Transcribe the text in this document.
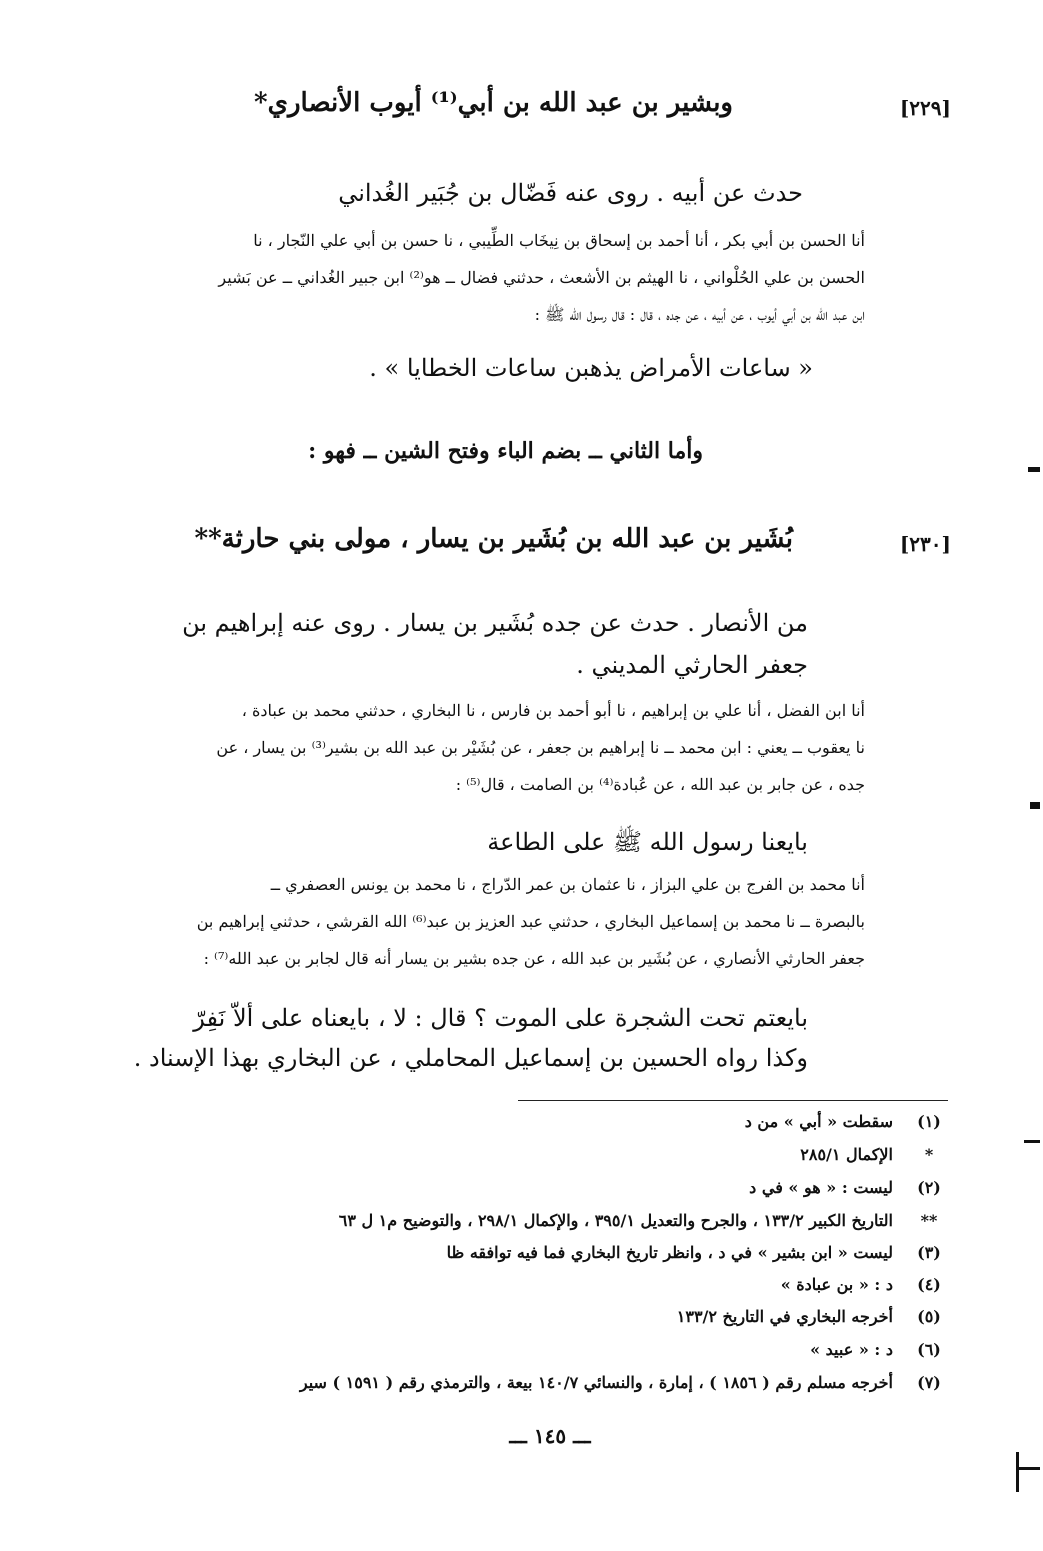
[٢٢٩]
وبشير بن عبد الله بن أبي⁽¹⁾ أيوب الأنصاري*
حدث عن أبيه . روى عنه فَضّال بن جُبَير الغُداني
أنا الحسن بن أبي بكر ، أنا أحمد بن إسحاق بن نِيخَاب الطِّيبي ، نا حسن بن أبي علي النّجار ، نا
الحسن بن علي الحُلْواني ، نا الهيثم بن الأشعث ، حدثني فضال ــ هو⁽²⁾ ابن جبير الغُداني ــ عن بَشير
ابن عبد الله بن أبي أيوب ، عن أبيه ، عن جده ، قال : قال رسول الله ﷺ :
« ساعات الأمراض يذهبن ساعات الخطايا » .
وأما الثاني ــ بضم الباء وفتح الشين ــ فهو :
[٢٣٠]
بُشَير بن عبد الله بن بُشَير بن يسار ، مولى بني حارثة**
من الأنصار . حدث عن جده بُشَير بن يسار . روى عنه إبراهيم بن
جعفر الحارثي المديني .
أنا ابن الفضل ، أنا علي بن إبراهيم ، نا أبو أحمد بن فارس ، نا البخاري ، حدثني محمد بن عبادة ،
نا يعقوب ــ يعني : ابن محمد ــ نا إبراهيم بن جعفر ، عن بُشَيْر بن عبد الله بن بشير⁽³⁾ بن يسار ، عن
جده ، عن جابر بن عبد الله ، عن عُبادة⁽⁴⁾ بن الصامت ، قال⁽⁵⁾ :
بايعنا رسول الله ﷺ على الطاعة
أنا محمد بن الفرج بن علي البزاز ، نا عثمان بن عمر الدّراج ، نا محمد بن يونس العصفري ــ
بالبصرة ــ نا محمد بن إسماعيل البخاري ، حدثني عبد العزيز بن عبد⁽⁶⁾ الله القرشي ، حدثني إبراهيم بن
جعفر الحارثي الأنصاري ، عن بُشَير بن عبد الله ، عن جده بشير بن يسار أنه قال لجابر بن عبد الله⁽⁷⁾ :
بايعتم تحت الشجرة على الموت ؟ قال : لا ، بايعناه على ألاّ نَفِرّ
وكذا رواه الحسين بن إسماعيل المحاملي ، عن البخاري بهذا الإسناد .
(١)
سقطت « أبي » من د
*
الإكمال ٢٨٥/١
(٢)
ليست : « هو » في د
**
التاريخ الكبير ١٣٣/٢ ، والجرح والتعديل ٣٩٥/١ ، والإكمال ٢٩٨/١ ، والتوضيح م١ ل ٦٣
(٣)
ليست « ابن بشير » في د ، وانظر تاريخ البخاري فما فيه توافقه ظا
(٤)
د : « بن عبادة »
(٥)
أخرجه البخاري في التاريخ ١٣٣/٢
(٦)
د : « عبيد »
(٧)
أخرجه مسلم رقم ( ١٨٥٦ ) ، إمارة ، والنسائي ١٤٠/٧ بيعة ، والترمذي رقم ( ١٥٩١ ) سير
ـــ ١٤٥ ـــ
